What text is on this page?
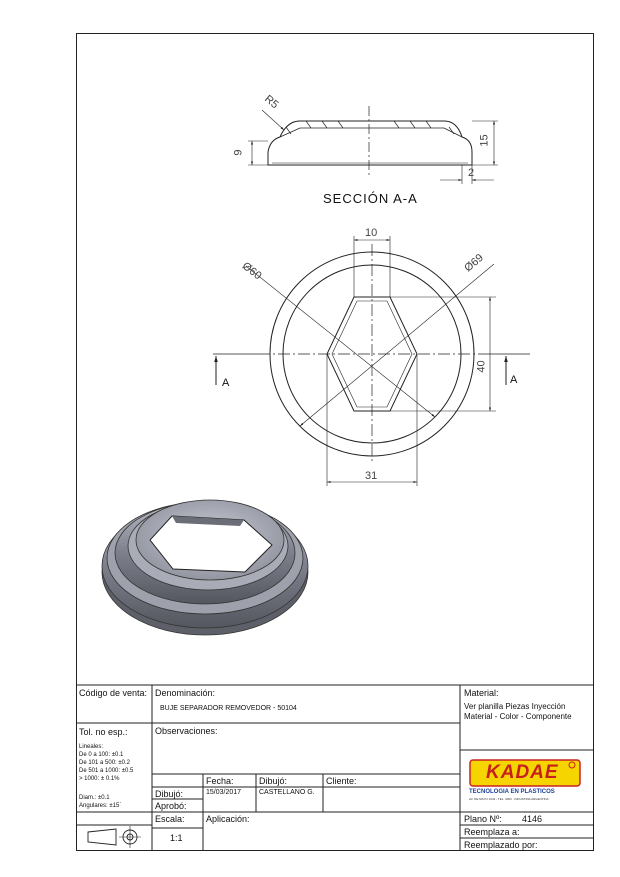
SECCIÓN A-A
R5
9
15
2
10
Ø60	Ø69
40
31
A	A
Código de venta: Denominación:
BUJE SEPARADOR REMOVEDOR - 50104
Material:
Ver planilla Piezas Inyección
Material - Color - Componente
Tol. no esp.:
Lineales:
De 0 a 100: ±0.1
De 101 a 500: ±0.2
De 501 a 1000: ±0.5
> 1000: ± 0.1%
Diam.: ±0.1
Angulares: ±15´
Observaciones:
Fecha:	Dibujó:	Cliente:
Dibujó:	15/03/2017	CASTELLANO G.
Aprobó:
Escala:
1:1
Aplicación:	Plano Nº: 4146
Reemplaza a:
Reemplazado por:
KADAE
TECNOLOGIA EN PLASTICOS
AV. DE MAYO 1234 - TEL. 0000 · INDUSTRIA ARGENTINA
